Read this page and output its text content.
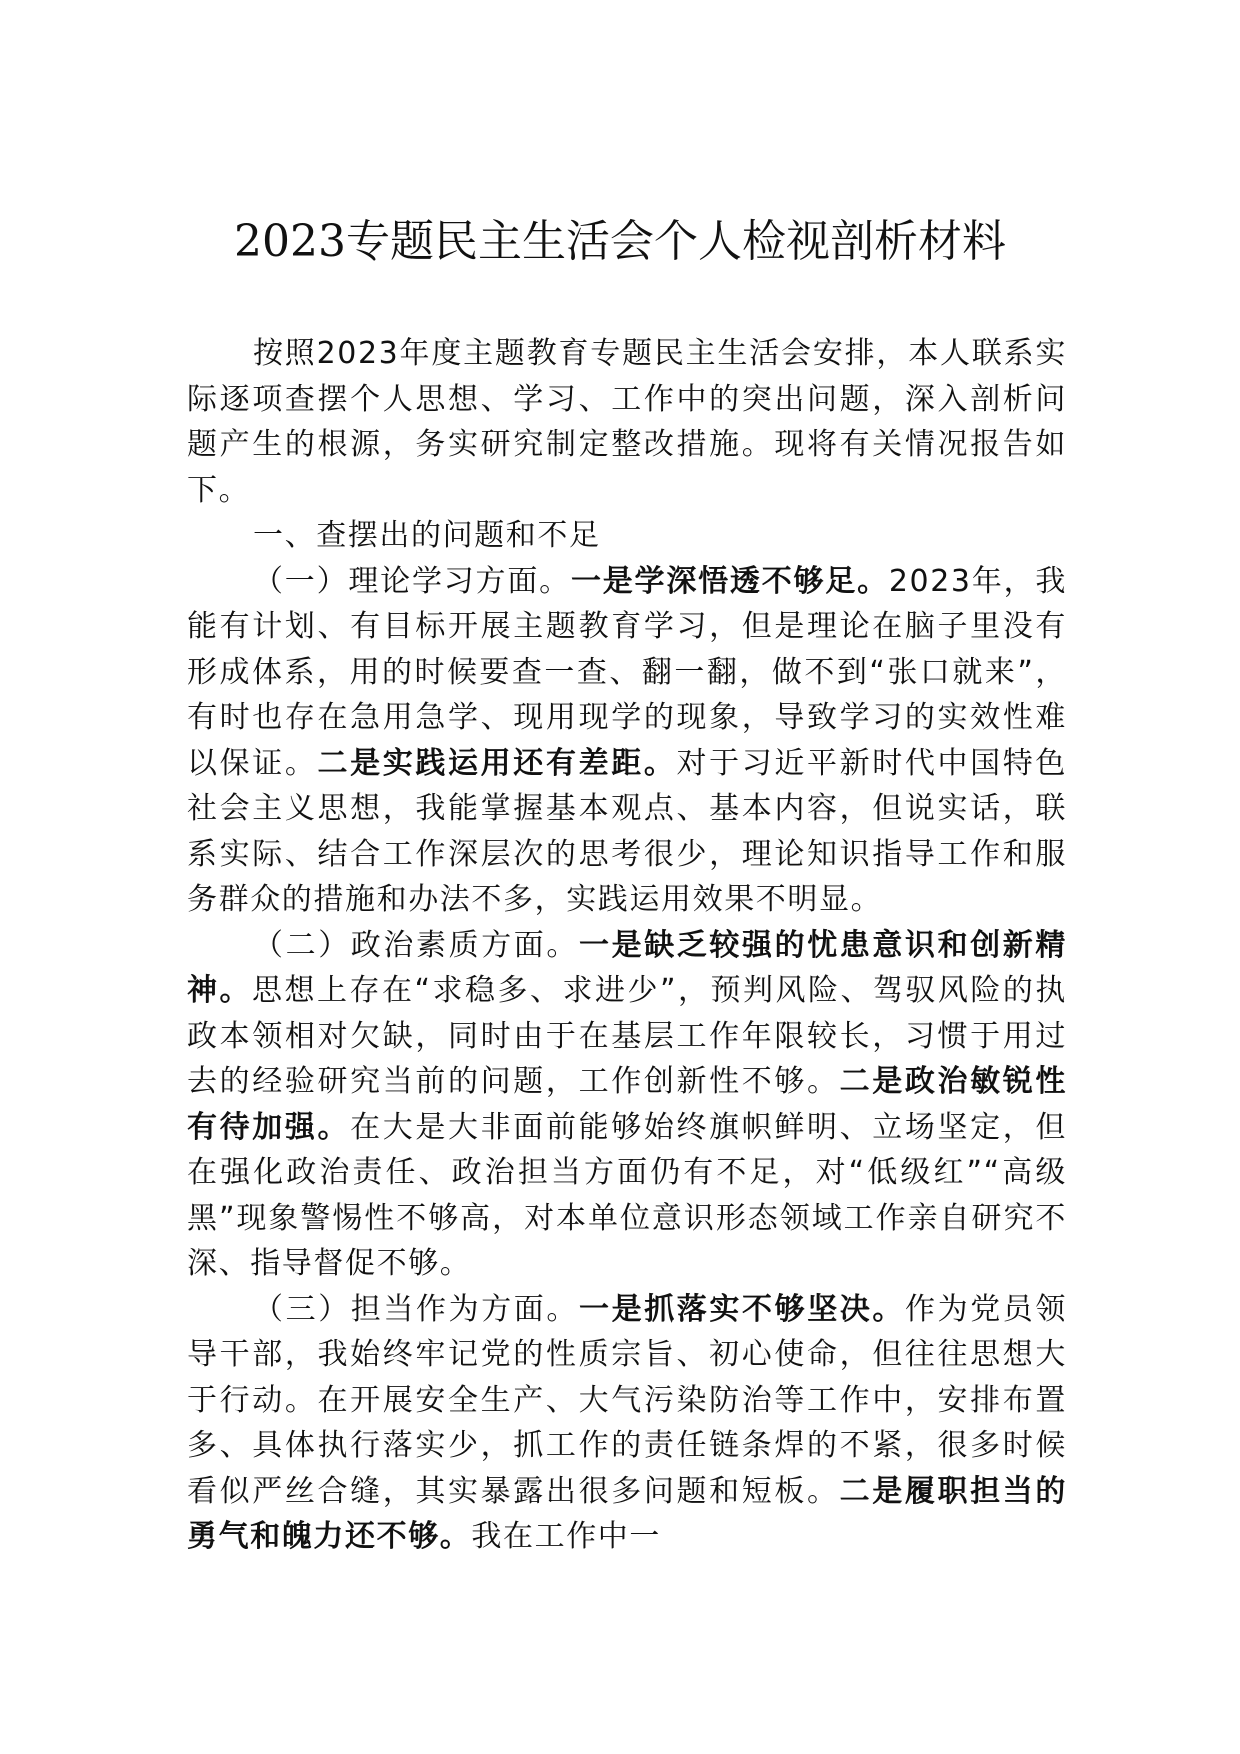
2023专题民主生活会个人检视剖析材料

按照2023年度主题教育专题民主生活会安排，本人联系实际逐项查摆个人思想、学习、工作中的突出问题，深入剖析问题产生的根源，务实研究制定整改措施。现将有关情况报告如下。

一、查摆出的问题和不足

（一）理论学习方面。一是学深悟透不够足。2023年，我能有计划、有目标开展主题教育学习，但是理论在脑子里没有形成体系，用的时候要查一查、翻一翻，做不到“张口就来”，有时也存在急用急学、现用现学的现象，导致学习的实效性难以保证。二是实践运用还有差距。对于习近平新时代中国特色社会主义思想，我能掌握基本观点、基本内容，但说实话，联系实际、结合工作深层次的思考很少，理论知识指导工作和服务群众的措施和办法不多，实践运用效果不明显。

（二）政治素质方面。一是缺乏较强的忧患意识和创新精神。思想上存在“求稳多、求进少”，预判风险、驾驭风险的执政本领相对欠缺，同时由于在基层工作年限较长，习惯于用过去的经验研究当前的问题，工作创新性不够。二是政治敏锐性有待加强。在大是大非面前能够始终旗帜鲜明、立场坚定，但在强化政治责任、政治担当方面仍有不足，对“低级红”“高级黑”现象警惕性不够高，对本单位意识形态领域工作亲自研究不深、指导督促不够。

（三）担当作为方面。一是抓落实不够坚决。作为党员领导干部，我始终牢记党的性质宗旨、初心使命，但往往思想大于行动。在开展安全生产、大气污染防治等工作中，安排布置多、具体执行落实少，抓工作的责任链条焊的不紧，很多时候看似严丝合缝，其实暴露出很多问题和短板。二是履职担当的勇气和魄力还不够。我在工作中一
